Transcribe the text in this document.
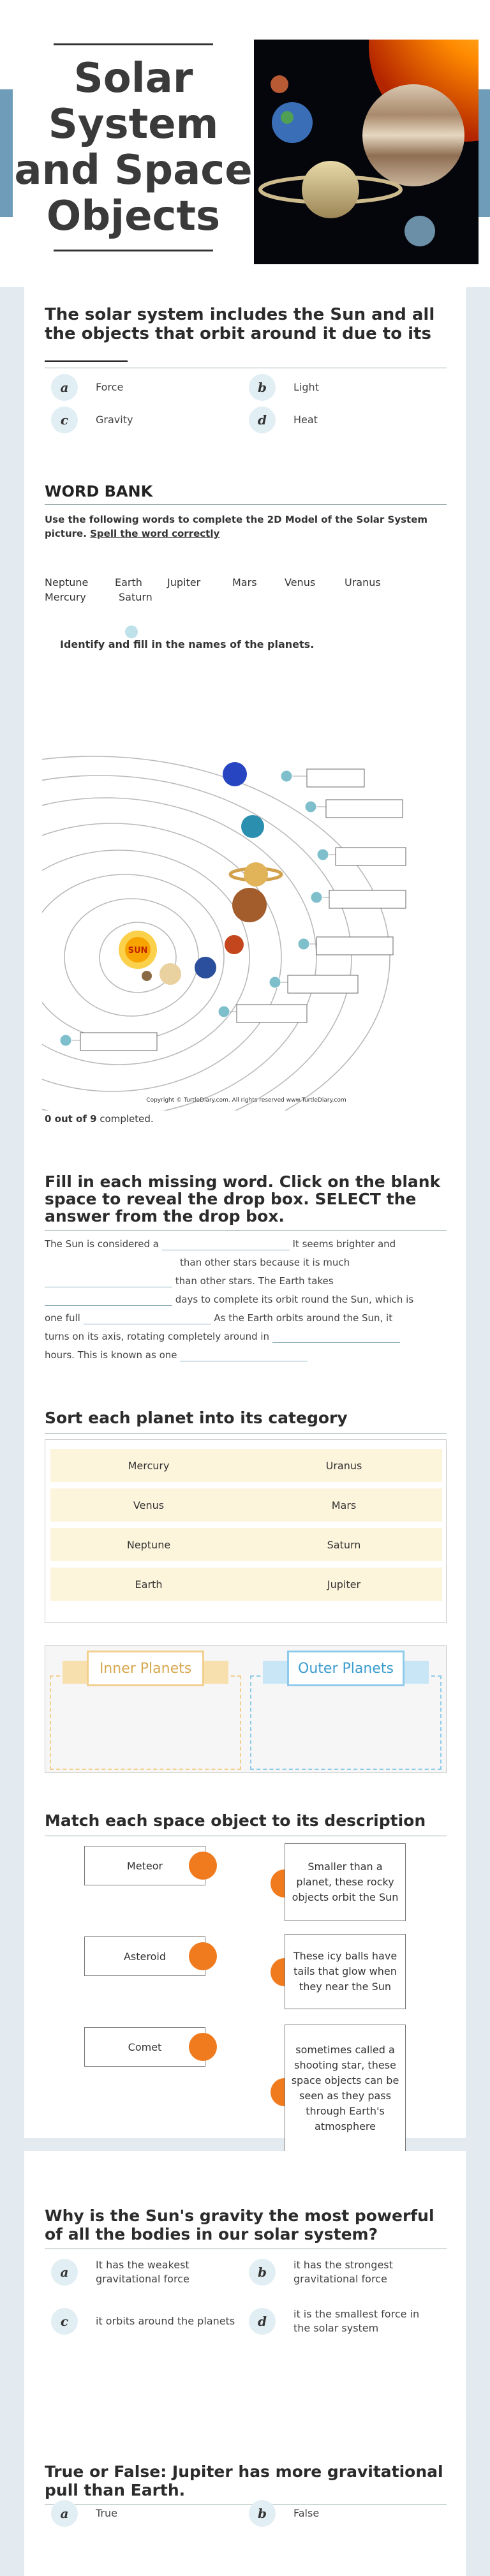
Solar
System
and Space
Objects
The solar system includes the Sun and all the objects that orbit around it due to its __________
a	Force	b	Light
c	Gravity	d	Heat
WORD BANK
Use the following words to complete the 2D Model of the Solar System picture. Spell the word correctly
Neptune	Earth Jupiter	Mars	Venus	Uranus
Mercury	Saturn
Identify and fill in the names of the planets.
SUN
Copyright © TurtleDiary.com. All rights reserved www.TurtleDiary.com
0 out of 9 completed.
Fill in each missing word. Click on the blank space to reveal the drop box. SELECT the answer from the drop box.
The Sun is considered a	It seems brighter and
than other stars because it is much
than other stars. The Earth takes
days to complete its orbit round the Sun, which is
one full	As the Earth orbits around the Sun, it
turns on its axis, rotating completely around in
hours. This is known as one
Sort each planet into its category
Mercury	Uranus
Venus	Mars
Neptune	Saturn
Earth	Jupiter
Inner Planets	Outer Planets
Match each space object to its description
Meteor	Smaller than a planet, these rocky objects orbit the Sun
Asteroid	These icy balls have tails that glow when they near the Sun
Comet	sometimes called a shooting star, these space objects can be seen as they pass through Earth's atmosphere
Why is the Sun's gravity the most powerful of all the bodies in our solar system?
a	It has the weakest gravitational force	b	it has the strongest gravitational force
c	it orbits around the planets	d	it is the smallest force in the solar system
True or False: Jupiter has more gravitational pull than Earth.
a	True	b	False
